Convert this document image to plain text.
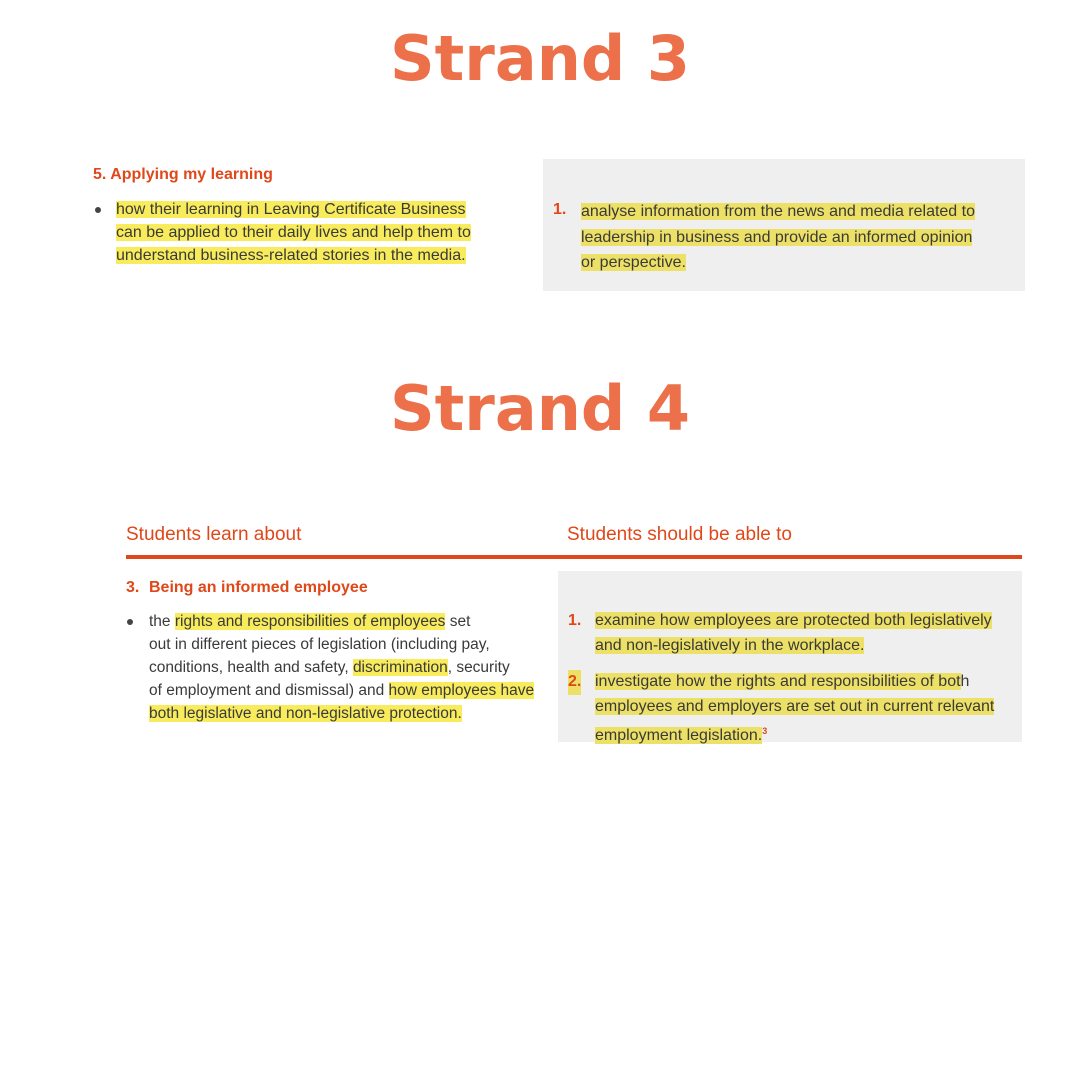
Strand 3
5. Applying my learning
how their learning in Leaving Certificate Business
can be applied to their daily lives and help them to
understand business-related stories in the media.
1. analyse information from the news and media related to
leadership in business and provide an informed opinion
or perspective.
Strand 4
Students learn about	Students should be able to
3. Being an informed employee
the rights and responsibilities of employees set
out in different pieces of legislation (including pay,
conditions, health and safety, discrimination, security
of employment and dismissal) and how employees have
both legislative and non-legislative protection.
1. examine how employees are protected both legislatively
and non-legislatively in the workplace.
2. investigate how the rights and responsibilities of both
employees and employers are set out in current relevant
employment legislation.$^3$
